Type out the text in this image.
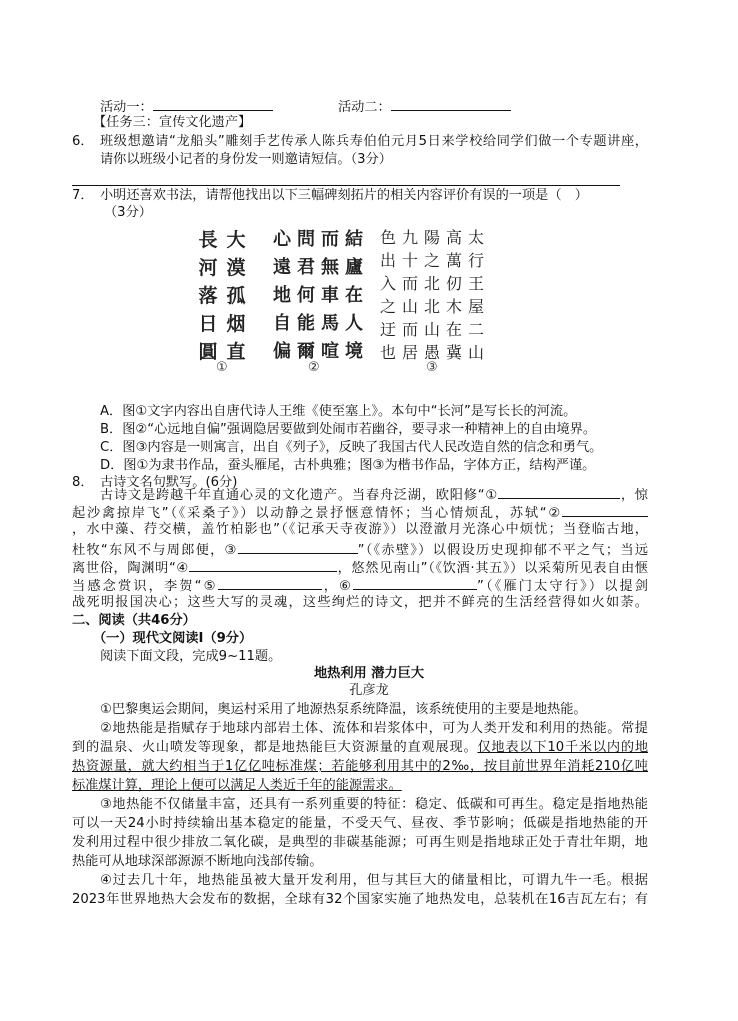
活动一：	活动二：
【任务三：宣传文化遗产】
6． 班级想邀请“龙船头”雕刻手艺传承人陈兵寿伯伯元月5日来学校给同学们做一个专题讲座，
请你以班级小记者的身份发一则邀请短信。（3分）
7． 小明还喜欢书法，请帮他找出以下三幅碑刻拓片的相关内容评价有误的一项是（　）
（3分）
大漠孤烟直
長河落日圓
①
結廬在人境
而無車馬喧
問君何能爾
心遠地自偏
②
太行王屋二山
高萬仞木在冀
陽之北北山愚
九十而山而居
色出入之迂也
③
A．图①文字内容出自唐代诗人王维《使至塞上》。本句中“长河”是写长长的河流。
B．图②“心远地自偏”强调隐居要做到处闹市若幽谷，要寻求一种精神上的自由境界。
C．图③内容是一则寓言，出自《列子》，反映了我国古代人民改造自然的信念和勇气。
D．图①为隶书作品，蚕头雁尾，古朴典雅；图③为楷书作品，字体方正，结构严谨。
8． 古诗文名句默写。(6分)
古诗文是跨越千年直通心灵的文化遗产。当春舟泛湖，欧阳修“①	，惊
起沙禽掠岸飞”（《采桑子》）以动静之景抒惬意情怀；当心情烦乱，苏轼“②
，水中藻、荇交横，盖竹柏影也”（《记承天寺夜游》）以澄澈月光涤心中烦忧；当登临古地，
杜牧“东风不与周郎便，③	”（《赤壁》）以假设历史现抑郁不平之气；当远
离世俗，陶渊明“④	，悠然见南山”（《饮酒·其五》）以采菊所见表自由惬
当感念赏识，李贺“⑤	，⑥	”（《雁门太守行》）以提剑
战死明报国决心；这些大写的灵魂，这些绚烂的诗文，把并不鲜亮的生活经营得如火如荼。
二、阅读（共46分）
（一）现代文阅读Ⅰ（9分）
阅读下面文段，完成9~11题。
地热利用 潜力巨大
孔彦龙
①巴黎奥运会期间，奥运村采用了地源热泵系统降温，该系统使用的主要是地热能。
②地热能是指赋存于地球内部岩土体、流体和岩浆体中，可为人类开发和利用的热能。常提
到的温泉、火山喷发等现象，都是地热能巨大资源量的直观展现。仅地表以下10千米以内的地
热资源量，就大约相当于1亿亿吨标准煤；若能够利用其中的2‰，按目前世界年消耗210亿吨
标准煤计算，理论上便可以满足人类近千年的能源需求。
③地热能不仅储量丰富，还具有一系列重要的特征：稳定、低碳和可再生。稳定是指地热能
可以一天24小时持续输出基本稳定的能量，不受天气、昼夜、季节影响；低碳是指地热能的开
发利用过程中很少排放二氧化碳，是典型的非碳基能源；可再生则是指地球正处于青壮年期，地
热能可从地球深部源源不断地向浅部传输。
④过去几十年，地热能虽被大量开发利用，但与其巨大的储量相比，可谓九牛一毛。根据
2023年世界地热大会发布的数据，全球有32个国家实施了地热发电，总装机在16吉瓦左右；有
